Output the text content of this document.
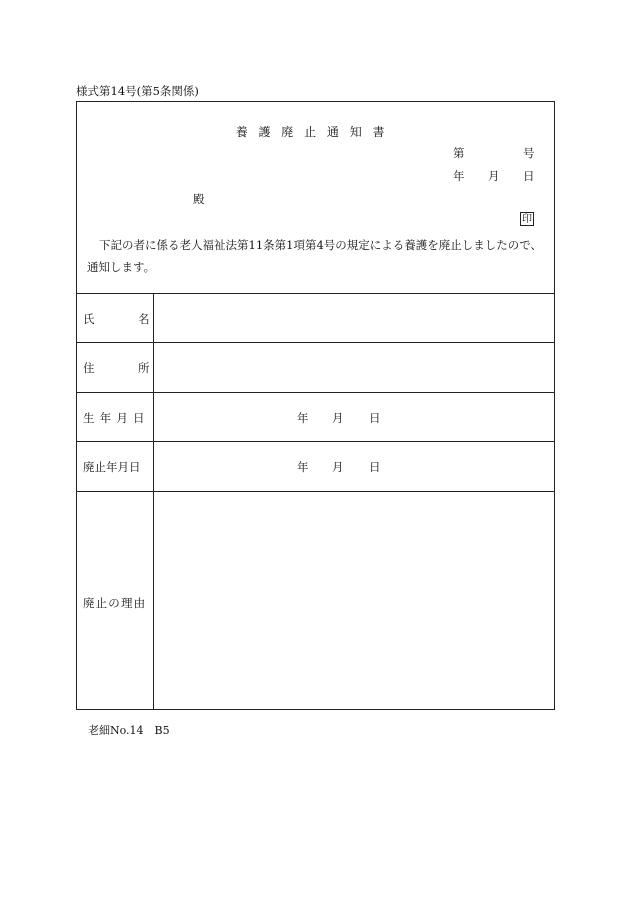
様式第14号(第5条関係)
養護廃止通知書
第	号
年 月 日
殿
印
下記の者に係る老人福祉法第11条第1項第4号の規定による養護を廃止しましたので、
通知します。
氏	名
住	所
生年月日	年 月 日
廃止年月日	年 月 日
廃止の理由
老細No.14　B5
